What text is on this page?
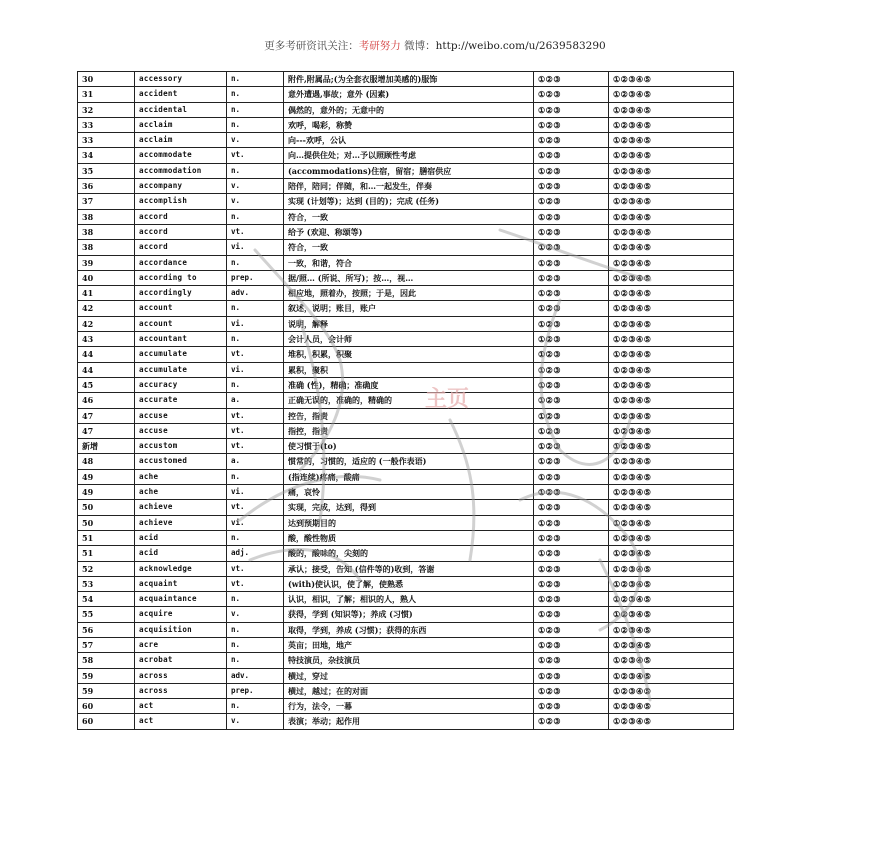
更多考研资讯关注：考研努力 微博：http://weibo.com/u/2639583290
30	accessory	n.	附件,附属品;(为全套衣服增加美感的)服饰	①②③	①②③④⑤
31	accident	n.	意外遭遇,事故；意外 (因素)	①②③	①②③④⑤
32	accidental	n.	偶然的，意外的；无意中的	①②③	①②③④⑤
33	acclaim	n.	欢呼，喝彩，称赞	①②③	①②③④⑤
33	acclaim	v.	向---欢呼，公认	①②③	①②③④⑤
34	accommodate	vt.	向…提供住处；对…予以照顾性考虑	①②③	①②③④⑤
35	accommodation	n.	(accommodations)住宿，留宿；膳宿供应	①②③	①②③④⑤
36	accompany	v.	陪伴，陪同；伴随，和…一起发生，伴奏	①②③	①②③④⑤
37	accomplish	v.	实现 (计划等)；达到 (目的)；完成 (任务)	①②③	①②③④⑤
38	accord	n.	符合，一致	①②③	①②③④⑤
38	accord	vt.	给予 (欢迎、称颂等)	①②③	①②③④⑤
38	accord	vi.	符合，一致	①②③	①②③④⑤
39	accordance	n.	一致，和谐，符合	①②③	①②③④⑤
40	according to	prep.	据/照… (所说、所写)；按…，视…	①②③	①②③④⑤
41	accordingly	adv.	相应地，照着办，按照；于是，因此	①②③	①②③④⑤
42	account	n.	叙述，说明；账目，账户	①②③	①②③④⑤
42	account	vi.	说明，解释	①②③	①②③④⑤
43	accountant	n.	会计人员，会计师	①②③	①②③④⑤
44	accumulate	vt.	堆积，积累，积聚	①②③	①②③④⑤
44	accumulate	vi.	累积，聚积	①②③	①②③④⑤
45	accuracy	n.	准确 (性)，精确；准确度	①②③	①②③④⑤
46	accurate	a.	正确无误的，准确的，精确的	①②③	①②③④⑤
47	accuse	vt.	控告，指责	①②③	①②③④⑤
47	accuse	vt.	指控，指责	①②③	①②③④⑤
新增	accustom	vt.	使习惯于(to)	①②③	①②③④⑤
48	accustomed	a.	惯常的，习惯的，适应的 (一般作表语)	①②③	①②③④⑤
49	ache	n.	(指连续)疼痛，酸痛	①②③	①②③④⑤
49	ache	vi.	痛，哀怜	①②③	①②③④⑤
50	achieve	vt.	实现，完成，达到，得到	①②③	①②③④⑤
50	achieve	vi.	达到预期目的	①②③	①②③④⑤
51	acid	n.	酸，酸性物质	①②③	①②③④⑤
51	acid	adj.	酸的，酸味的，尖刻的	①②③	①②③④⑤
52	acknowledge	vt.	承认；接受，告知 (信件等的)收到，答谢	①②③	①②③④⑤
53	acquaint	vt.	(with)使认识，使了解，使熟悉	①②③	①②③④⑤
54	acquaintance	n.	认识，相识，了解；相识的人，熟人	①②③	①②③④⑤
55	acquire	v.	获得，学到 (知识等)；养成 (习惯)	①②③	①②③④⑤
56	acquisition	n.	取得，学到，养成 (习惯)；获得的东西	①②③	①②③④⑤
57	acre	n.	英亩；田地，地产	①②③	①②③④⑤
58	acrobat	n.	特技演员，杂技演员	①②③	①②③④⑤
59	across	adv.	横过，穿过	①②③	①②③④⑤
59	across	prep.	横过，越过；在的对面	①②③	①②③④⑤
60	act	n.	行为，法令，一幕	①②③	①②③④⑤
60	act	v.	表演；举动；起作用	①②③	①②③④⑤
主页
